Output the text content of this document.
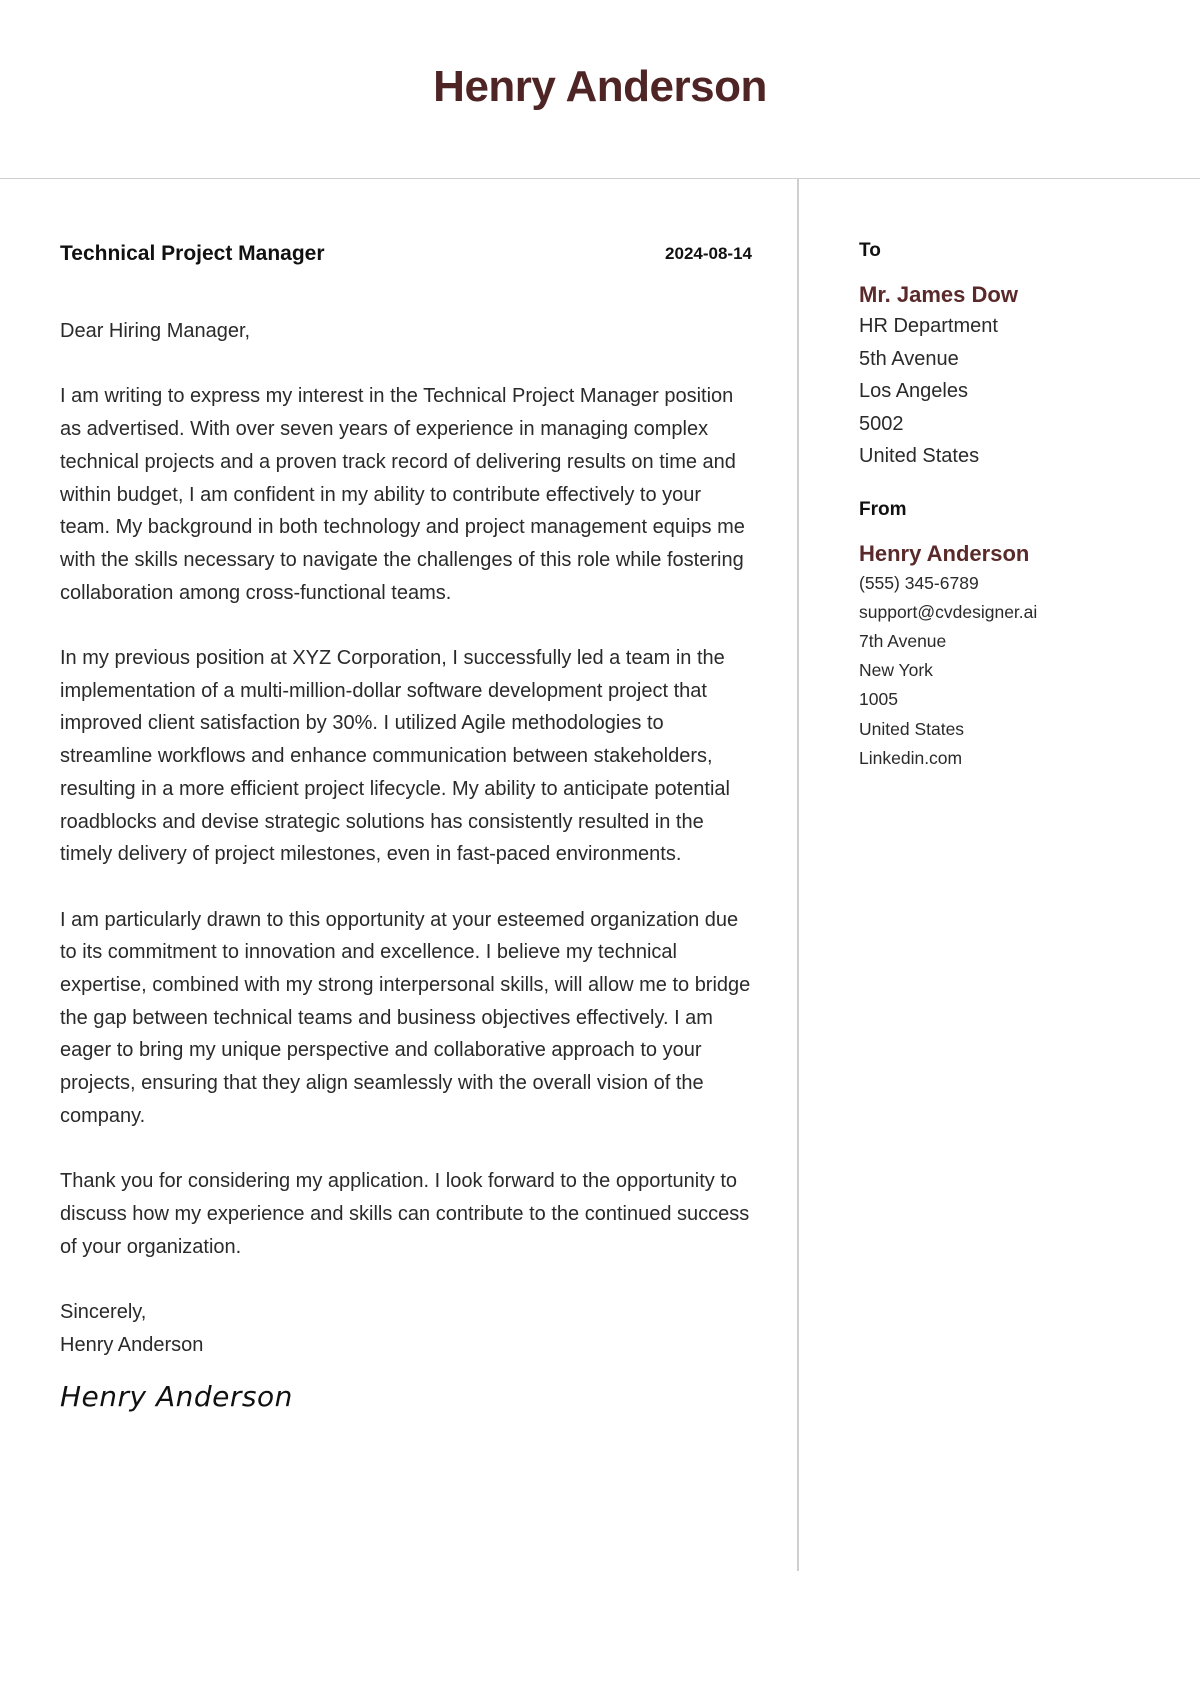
Henry Anderson
Technical Project Manager	2024-08-14

Dear Hiring Manager,

I am writing to express my interest in the Technical Project Manager position as advertised. With over seven years of experience in managing complex technical projects and a proven track record of delivering results on time and within budget, I am confident in my ability to contribute effectively to your team. My background in both technology and project management equips me with the skills necessary to navigate the challenges of this role while fostering collaboration among cross-functional teams.

In my previous position at XYZ Corporation, I successfully led a team in the implementation of a multi-million-dollar software development project that improved client satisfaction by 30%. I utilized Agile methodologies to streamline workflows and enhance communication between stakeholders, resulting in a more efficient project lifecycle. My ability to anticipate potential roadblocks and devise strategic solutions has consistently resulted in the timely delivery of project milestones, even in fast-paced environments.

I am particularly drawn to this opportunity at your esteemed organization due to its commitment to innovation and excellence. I believe my technical expertise, combined with my strong interpersonal skills, will allow me to bridge the gap between technical teams and business objectives effectively. I am eager to bring my unique perspective and collaborative approach to your projects, ensuring that they align seamlessly with the overall vision of the company.

Thank you for considering my application. I look forward to the opportunity to discuss how my experience and skills can contribute to the continued success of your organization.

Sincerely,
Henry Anderson
Henry Anderson
To
Mr. James Dow
HR Department
5th Avenue
Los Angeles
5002
United States
From
Henry Anderson
(555) 345-6789
support@cvdesigner.ai
7th Avenue
New York
1005
United States
Linkedin.com
